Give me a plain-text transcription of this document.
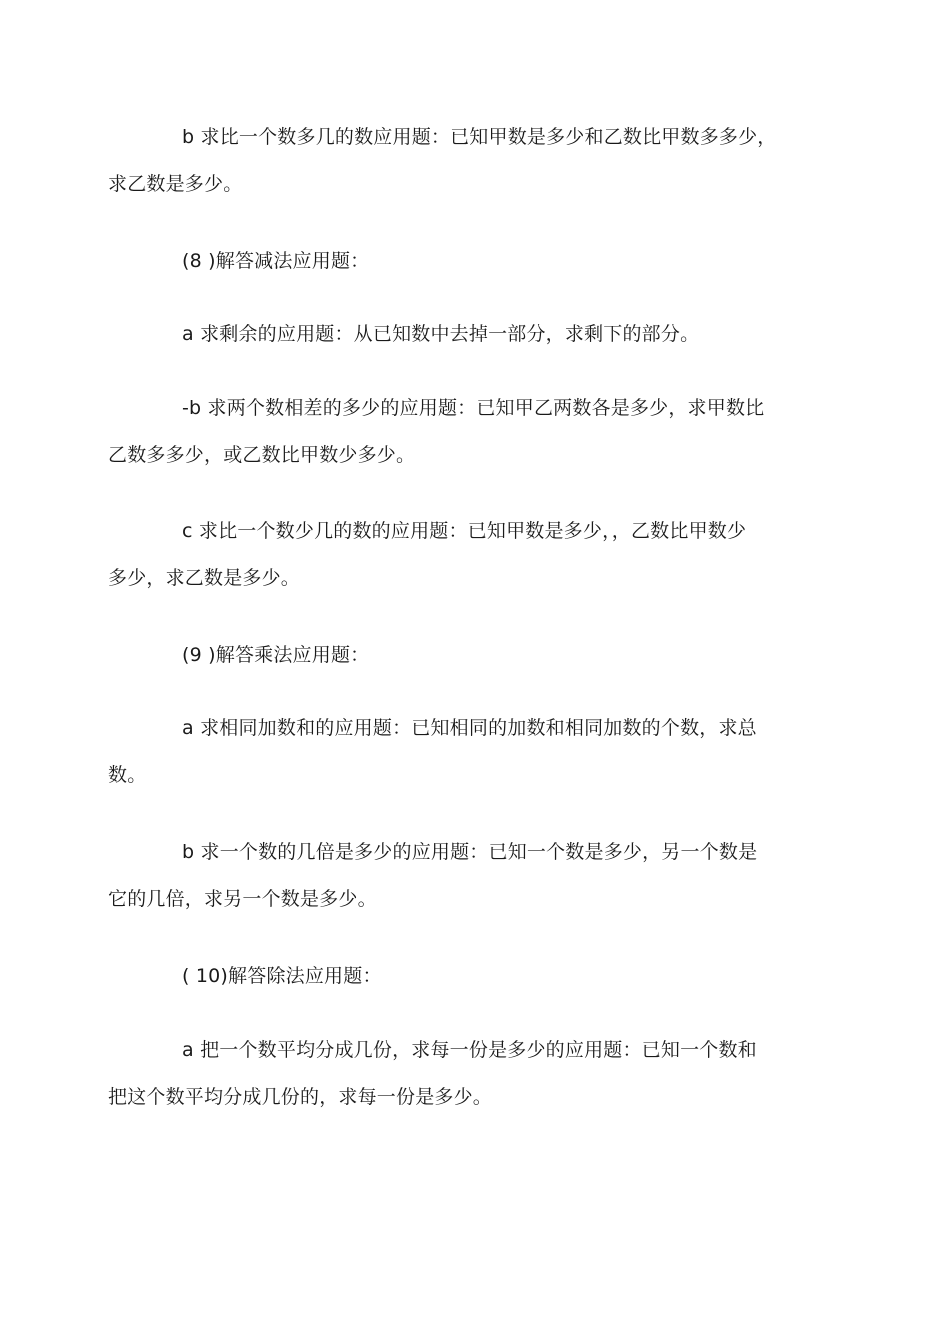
b 求比一个数多几的数应用题：已知甲数是多少和乙数比甲数多多少，
求乙数是多少。

(8 )解答减法应用题：

a 求剩余的应用题：从已知数中去掉一部分，求剩下的部分。

-b 求两个数相差的多少的应用题：已知甲乙两数各是多少，求甲数比
乙数多多少，或乙数比甲数少多少。

c 求比一个数少几的数的应用题：已知甲数是多少，，乙数比甲数少
多少，求乙数是多少。

(9 )解答乘法应用题：

a 求相同加数和的应用题：已知相同的加数和相同加数的个数，求总
数。

b 求一个数的几倍是多少的应用题：已知一个数是多少，另一个数是
它的几倍，求另一个数是多少。

( 10)解答除法应用题：

a 把一个数平均分成几份，求每一份是多少的应用题：已知一个数和
把这个数平均分成几份的，求每一份是多少。
